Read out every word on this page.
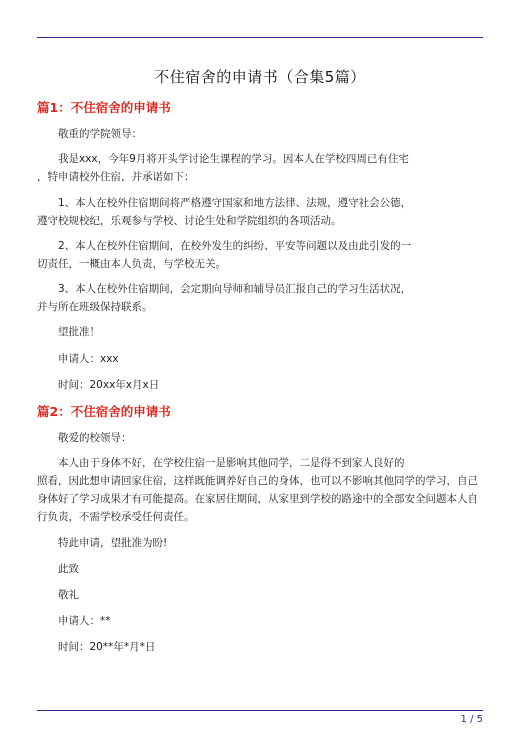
不住宿舍的申请书（合集5篇）
篇1：不住宿舍的申请书
敬重的学院领导：
我是xxx，今年9月将开头学讨论生课程的学习。因本人在学校四周已有住宅
，特申请校外住宿，并承诺如下：
1、本人在校外住宿期间将严格遵守国家和地方法律、法规，遵守社会公德，
遵守校规校纪，乐观参与学校、讨论生处和学院组织的各项活动。
2、本人在校外住宿期间，在校外发生的纠纷、平安等问题以及由此引发的一
切责任，一概由本人负责，与学校无关。
3、本人在校外住宿期间，会定期向导师和辅导员汇报自己的学习生活状况，
并与所在班级保持联系。
望批准！
申请人：xxx
时间：20xx年x月x日
篇2：不住宿舍的申请书
敬爱的校领导：
本人由于身体不好，在学校住宿一是影响其他同学，二是得不到家人良好的
照看，因此想申请回家住宿，这样既能调养好自己的身体，也可以不影响其他同学的学习，自己
身体好了学习成果才有可能提高。在家居住期间，从家里到学校的路途中的全部安全问题本人自
行负责，不需学校承受任何责任。
特此申请，望批准为盼!
此致
敬礼
申请人：**
时间：20**年*月*日
1 / 5
